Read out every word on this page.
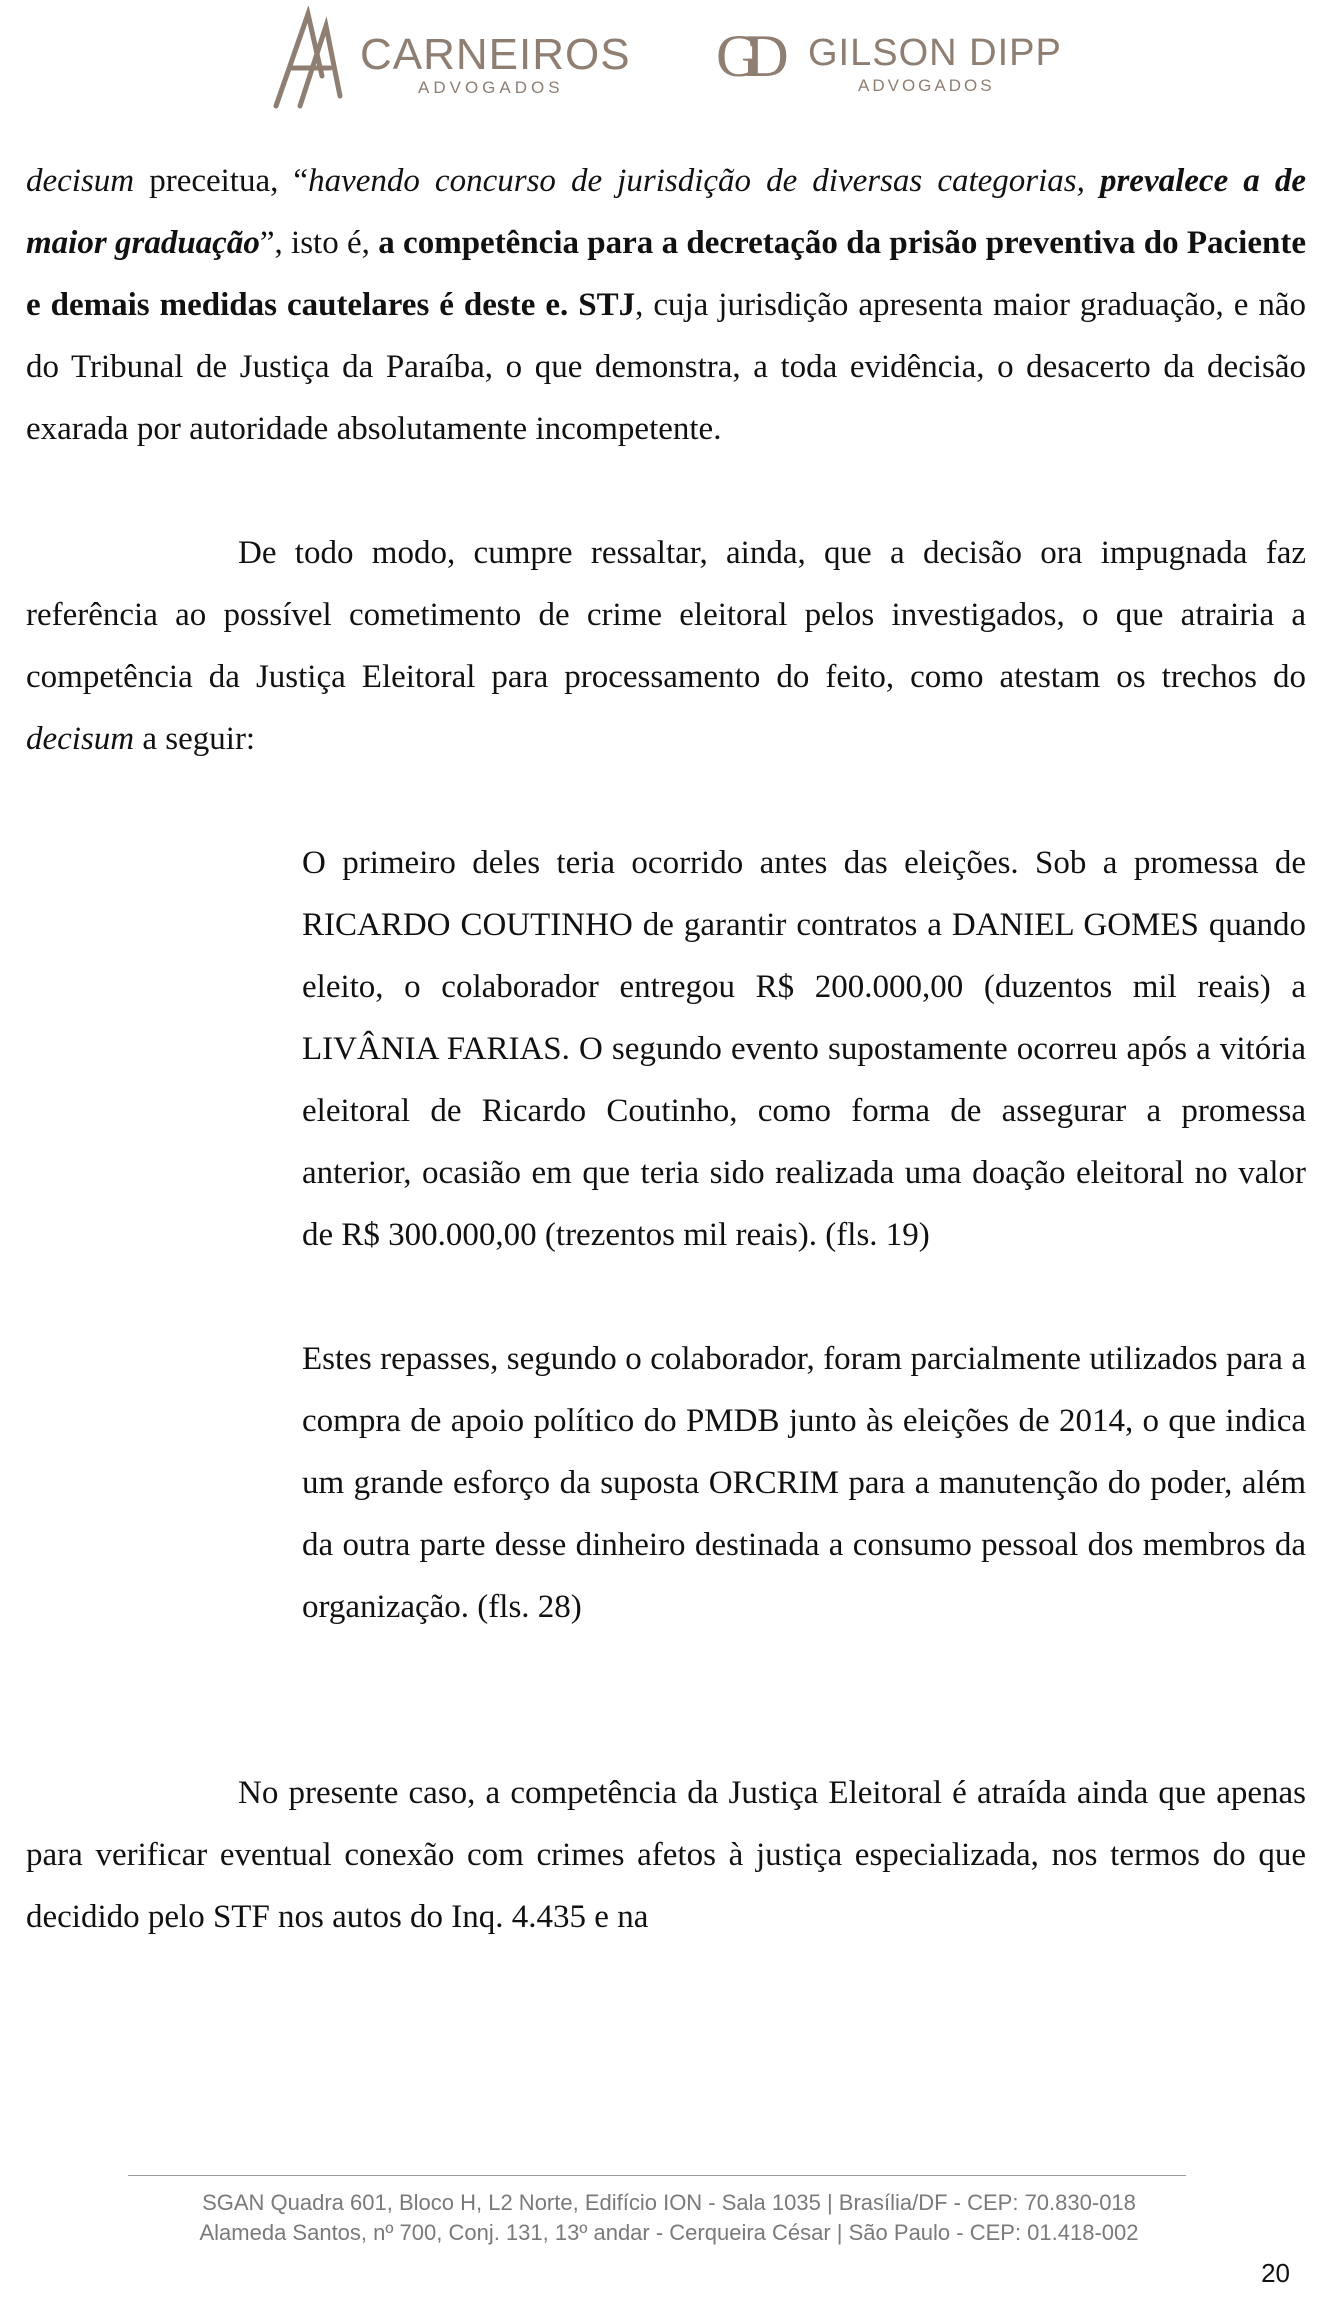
CARNEIROS
ADVOGADOS	GD GILSON DIPP
ADVOGADOS

decisum preceitua, “havendo concurso de jurisdição de diversas categorias, prevalece a de maior graduação”, isto é, a competência para a decretação da prisão preventiva do Paciente e demais medidas cautelares é deste e. STJ, cuja jurisdição apresenta maior graduação, e não do Tribunal de Justiça da Paraíba, o que demonstra, a toda evidência, o desacerto da decisão exarada por autoridade absolutamente incompetente.

De todo modo, cumpre ressaltar, ainda, que a decisão ora impugnada faz referência ao possível cometimento de crime eleitoral pelos investigados, o que atrairia a competência da Justiça Eleitoral para processamento do feito, como atestam os trechos do decisum a seguir:

O primeiro deles teria ocorrido antes das eleições. Sob a promessa de RICARDO COUTINHO de garantir contratos a DANIEL GOMES quando eleito, o colaborador entregou R$ 200.000,00 (duzentos mil reais) a LIVÂNIA FARIAS. O segundo evento supostamente ocorreu após a vitória eleitoral de Ricardo Coutinho, como forma de assegurar a promessa anterior, ocasião em que teria sido realizada uma doação eleitoral no valor de R$ 300.000,00 (trezentos mil reais). (fls. 19)

Estes repasses, segundo o colaborador, foram parcialmente utilizados para a compra de apoio político do PMDB junto às eleições de 2014, o que indica um grande esforço da suposta ORCRIM para a manutenção do poder, além da outra parte desse dinheiro destinada a consumo pessoal dos membros da organização. (fls. 28)

No presente caso, a competência da Justiça Eleitoral é atraída ainda que apenas para verificar eventual conexão com crimes afetos à justiça especializada, nos termos do que decidido pelo STF nos autos do Inq. 4.435 e na

SGAN Quadra 601, Bloco H, L2 Norte, Edifício ION - Sala 1035 | Brasília/DF - CEP: 70.830-018
Alameda Santos, nº 700, Conj. 131, 13º andar - Cerqueira César | São Paulo - CEP: 01.418-002
20
